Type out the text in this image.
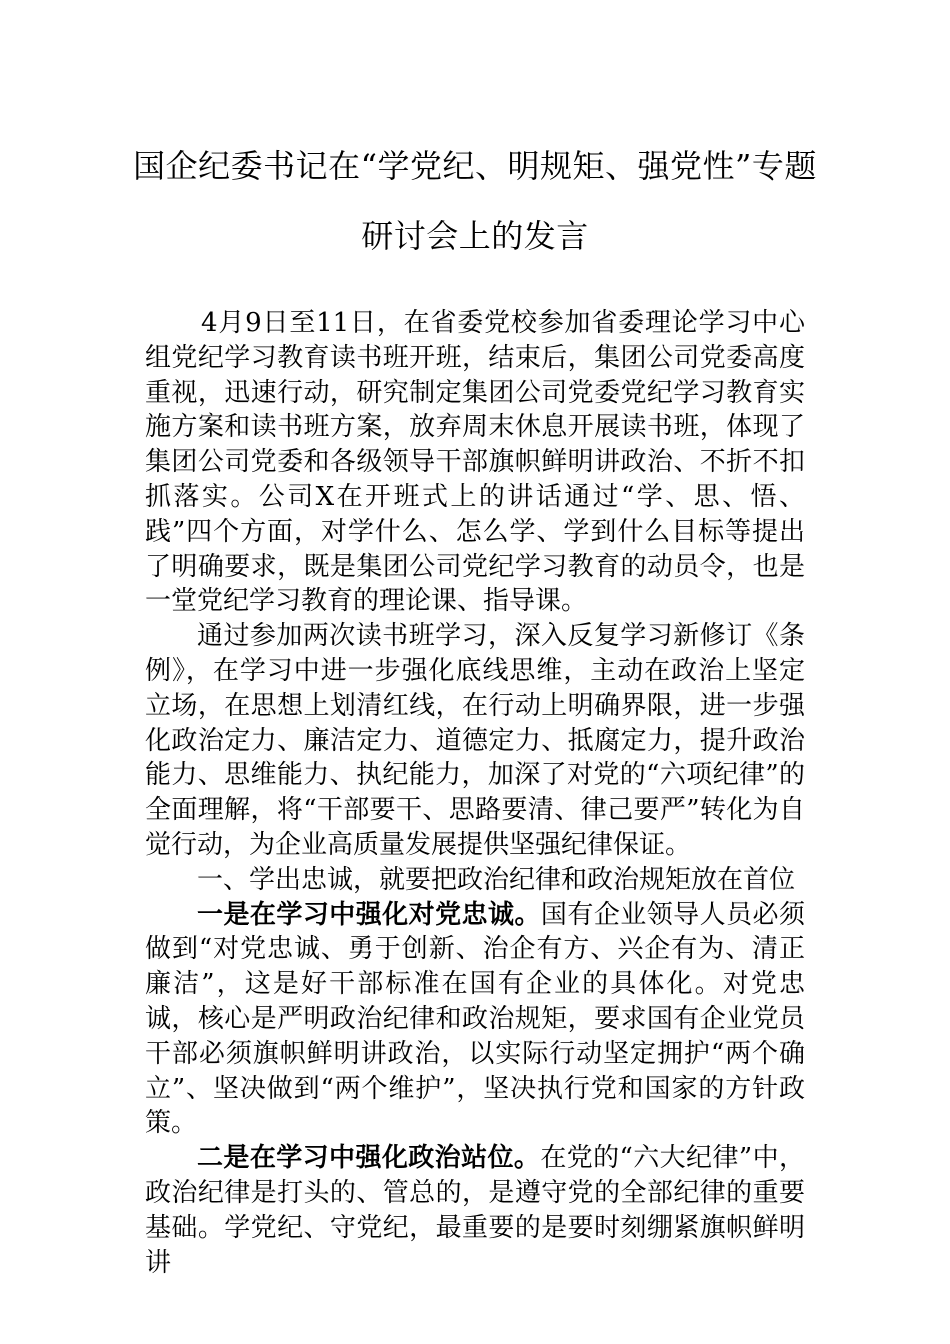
国企纪委书记在“学党纪、明规矩、强党性”专题
研讨会上的发言

4月9日至11日，在省委党校参加省委理论学习中心组党纪学习教育读书班开班，结束后，集团公司党委高度重视，迅速行动，研究制定集团公司党委党纪学习教育实施方案和读书班方案，放弃周末休息开展读书班，体现了集团公司党委和各级领导干部旗帜鲜明讲政治、不折不扣抓落实。公司X在开班式上的讲话通过“学、思、悟、践”四个方面，对学什么、怎么学、学到什么目标等提出了明确要求，既是集团公司党纪学习教育的动员令，也是一堂党纪学习教育的理论课、指导课。

通过参加两次读书班学习，深入反复学习新修订《条例》，在学习中进一步强化底线思维，主动在政治上坚定立场，在思想上划清红线，在行动上明确界限，进一步强化政治定力、廉洁定力、道德定力、抵腐定力，提升政治能力、思维能力、执纪能力，加深了对党的“六项纪律”的全面理解，将“干部要干、思路要清、律己要严”转化为自觉行动，为企业高质量发展提供坚强纪律保证。

一、学出忠诚，就要把政治纪律和政治规矩放在首位

一是在学习中强化对党忠诚。国有企业领导人员必须做到“对党忠诚、勇于创新、治企有方、兴企有为、清正廉洁”，这是好干部标准在国有企业的具体化。对党忠诚，核心是严明政治纪律和政治规矩，要求国有企业党员干部必须旗帜鲜明讲政治，以实际行动坚定拥护“两个确立”、坚决做到“两个维护”，坚决执行党和国家的方针政策。

二是在学习中强化政治站位。在党的“六大纪律”中，政治纪律是打头的、管总的，是遵守党的全部纪律的重要基础。学党纪、守党纪，最重要的是要时刻绷紧旗帜鲜明讲
